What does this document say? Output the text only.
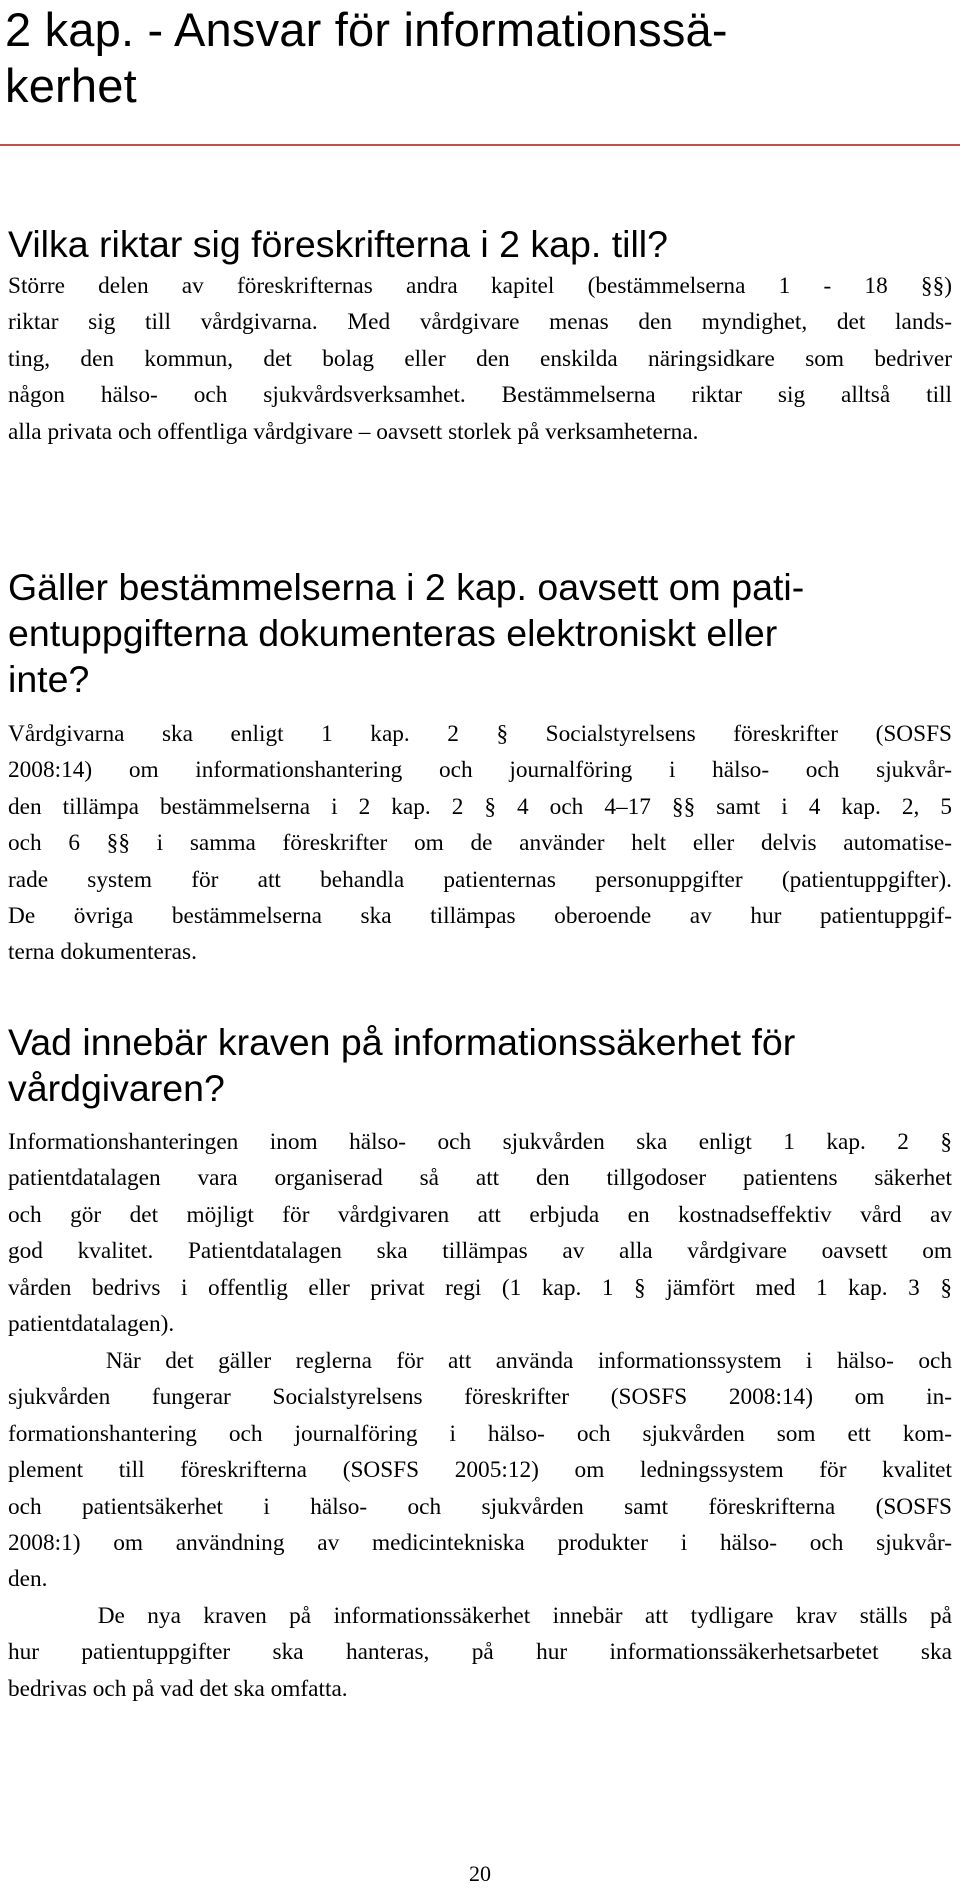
2 kap. - Ansvar för informationssä-
kerhet
Vilka riktar sig föreskrifterna i 2 kap. till?
Större delen av föreskrifternas andra kapitel (bestämmelserna 1 - 18 §§)
riktar sig till vårdgivarna. Med vårdgivare menas den myndighet, det lands-
ting, den kommun, det bolag eller den enskilda näringsidkare som bedriver
någon hälso- och sjukvårdsverksamhet. Bestämmelserna riktar sig alltså till
alla privata och offentliga vårdgivare – oavsett storlek på verksamheterna.
Gäller bestämmelserna i 2 kap. oavsett om pati-
entuppgifterna dokumenteras elektroniskt eller
inte?
Vårdgivarna ska enligt 1 kap. 2 § Socialstyrelsens föreskrifter (SOSFS
2008:14) om informationshantering och journalföring i hälso- och sjukvår-
den tillämpa bestämmelserna i 2 kap. 2 § 4 och 4–17 §§ samt i 4 kap. 2, 5
och 6 §§ i samma föreskrifter om de använder helt eller delvis automatise-
rade system för att behandla patienternas personuppgifter (patientuppgifter).
De övriga bestämmelserna ska tillämpas oberoende av hur patientuppgif-
terna dokumenteras.
Vad innebär kraven på informationssäkerhet för
vårdgivaren?
Informationshanteringen inom hälso- och sjukvården ska enligt 1 kap. 2 §
patientdatalagen vara organiserad så att den tillgodoser patientens säkerhet
och gör det möjligt för vårdgivaren att erbjuda en kostnadseffektiv vård av
god kvalitet. Patientdatalagen ska tillämpas av alla vårdgivare oavsett om
vården bedrivs i offentlig eller privat regi (1 kap. 1 § jämfört med 1 kap. 3 §
patientdatalagen).
När det gäller reglerna för att använda informationssystem i hälso- och
sjukvården fungerar Socialstyrelsens föreskrifter (SOSFS 2008:14) om in-
formationshantering och journalföring i hälso- och sjukvården som ett kom-
plement till föreskrifterna (SOSFS 2005:12) om ledningssystem för kvalitet
och patientsäkerhet i hälso- och sjukvården samt föreskrifterna (SOSFS
2008:1) om användning av medicintekniska produkter i hälso- och sjukvår-
den.
De nya kraven på informationssäkerhet innebär att tydligare krav ställs på
hur patientuppgifter ska hanteras, på hur informationssäkerhetsarbetet ska
bedrivas och på vad det ska omfatta.
20
